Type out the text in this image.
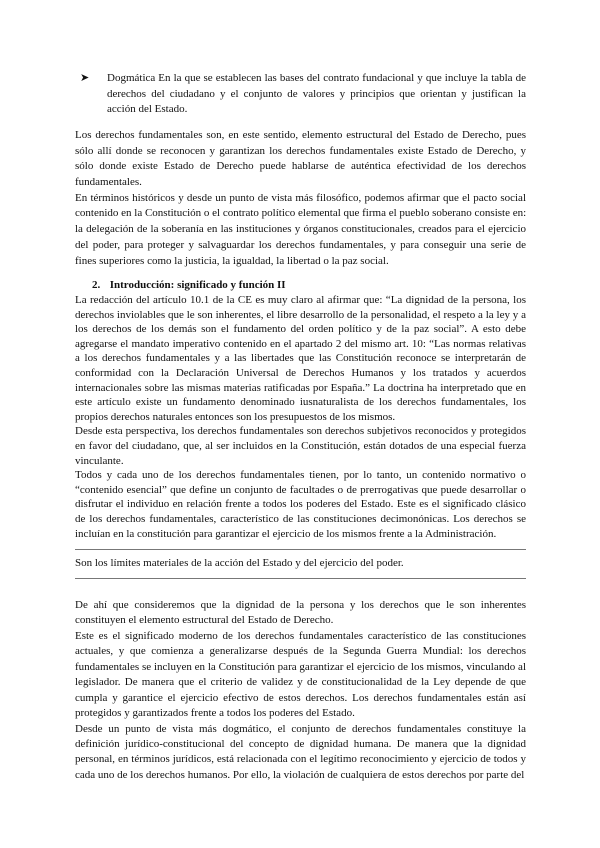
➤ Dogmática En la que se establecen las bases del contrato fundacional y que incluye la tabla de
derechos del ciudadano y el conjunto de valores y principios que orientan y justifican la
acción del Estado.
Los derechos fundamentales son, en este sentido, elemento estructural del Estado de Derecho, pues
sólo allí donde se reconocen y garantizan los derechos fundamentales existe Estado de Derecho, y
sólo donde existe Estado de Derecho puede hablarse de auténtica efectividad de los derechos
fundamentales.
En términos históricos y desde un punto de vista más filosófico, podemos afirmar que el pacto social
contenido en la Constitución o el contrato político elemental que firma el pueblo soberano consiste en:
la delegación de la soberanía en las instituciones y órganos constitucionales, creados para el ejercicio
del poder, para proteger y salvaguardar los derechos fundamentales, y para conseguir una serie de
fines superiores como la justicia, la igualdad, la libertad o la paz social.
2. Introducción: significado y función II
La redacción del artículo 10.1 de la CE es muy claro al afirmar que: “La dignidad de la persona, los
derechos inviolables que le son inherentes, el libre desarrollo de la personalidad, el respeto a la ley y a
los derechos de los demás son el fundamento del orden político y de la paz social”. A esto debe
agregarse el mandato imperativo contenido en el apartado 2 del mismo art. 10: “Las normas relativas
a los derechos fundamentales y a las libertades que las Constitución reconoce se interpretarán de
conformidad con la Declaración Universal de Derechos Humanos y los tratados y acuerdos
internacionales sobre las mismas materias ratificadas por España.” La doctrina ha interpretado que en
este artículo existe un fundamento denominado iusnaturalista de los derechos fundamentales, los
propios derechos naturales entonces son los presupuestos de los mismos.
Desde esta perspectiva, los derechos fundamentales son derechos subjetivos reconocidos y protegidos
en favor del ciudadano, que, al ser incluidos en la Constitución, están dotados de una especial fuerza
vinculante.
Todos y cada uno de los derechos fundamentales tienen, por lo tanto, un contenido normativo o
“contenido esencial” que define un conjunto de facultades o de prerrogativas que puede desarrollar o
disfrutar el individuo en relación frente a todos los poderes del Estado. Este es el significado clásico
de los derechos fundamentales, característico de las constituciones decimonónicas. Los derechos se
incluían en la constitución para garantizar el ejercicio de los mismos frente a la Administración.
Son los límites materiales de la acción del Estado y del ejercicio del poder.
De ahí que consideremos que la dignidad de la persona y los derechos que le son inherentes
constituyen el elemento estructural del Estado de Derecho.
Este es el significado moderno de los derechos fundamentales característico de las constituciones
actuales, y que comienza a generalizarse después de la Segunda Guerra Mundial: los derechos
fundamentales se incluyen en la Constitución para garantizar el ejercicio de los mismos, vinculando al
legislador. De manera que el criterio de validez y de constitucionalidad de la Ley depende de que
cumpla y garantice el ejercicio efectivo de estos derechos. Los derechos fundamentales están así
protegidos y garantizados frente a todos los poderes del Estado.
Desde un punto de vista más dogmático, el conjunto de derechos fundamentales constituye la
definición jurídico-constitucional del concepto de dignidad humana. De manera que la dignidad
personal, en términos jurídicos, está relacionada con el legítimo reconocimiento y ejercicio de todos y
cada uno de los derechos humanos. Por ello, la violación de cualquiera de estos derechos por parte del
